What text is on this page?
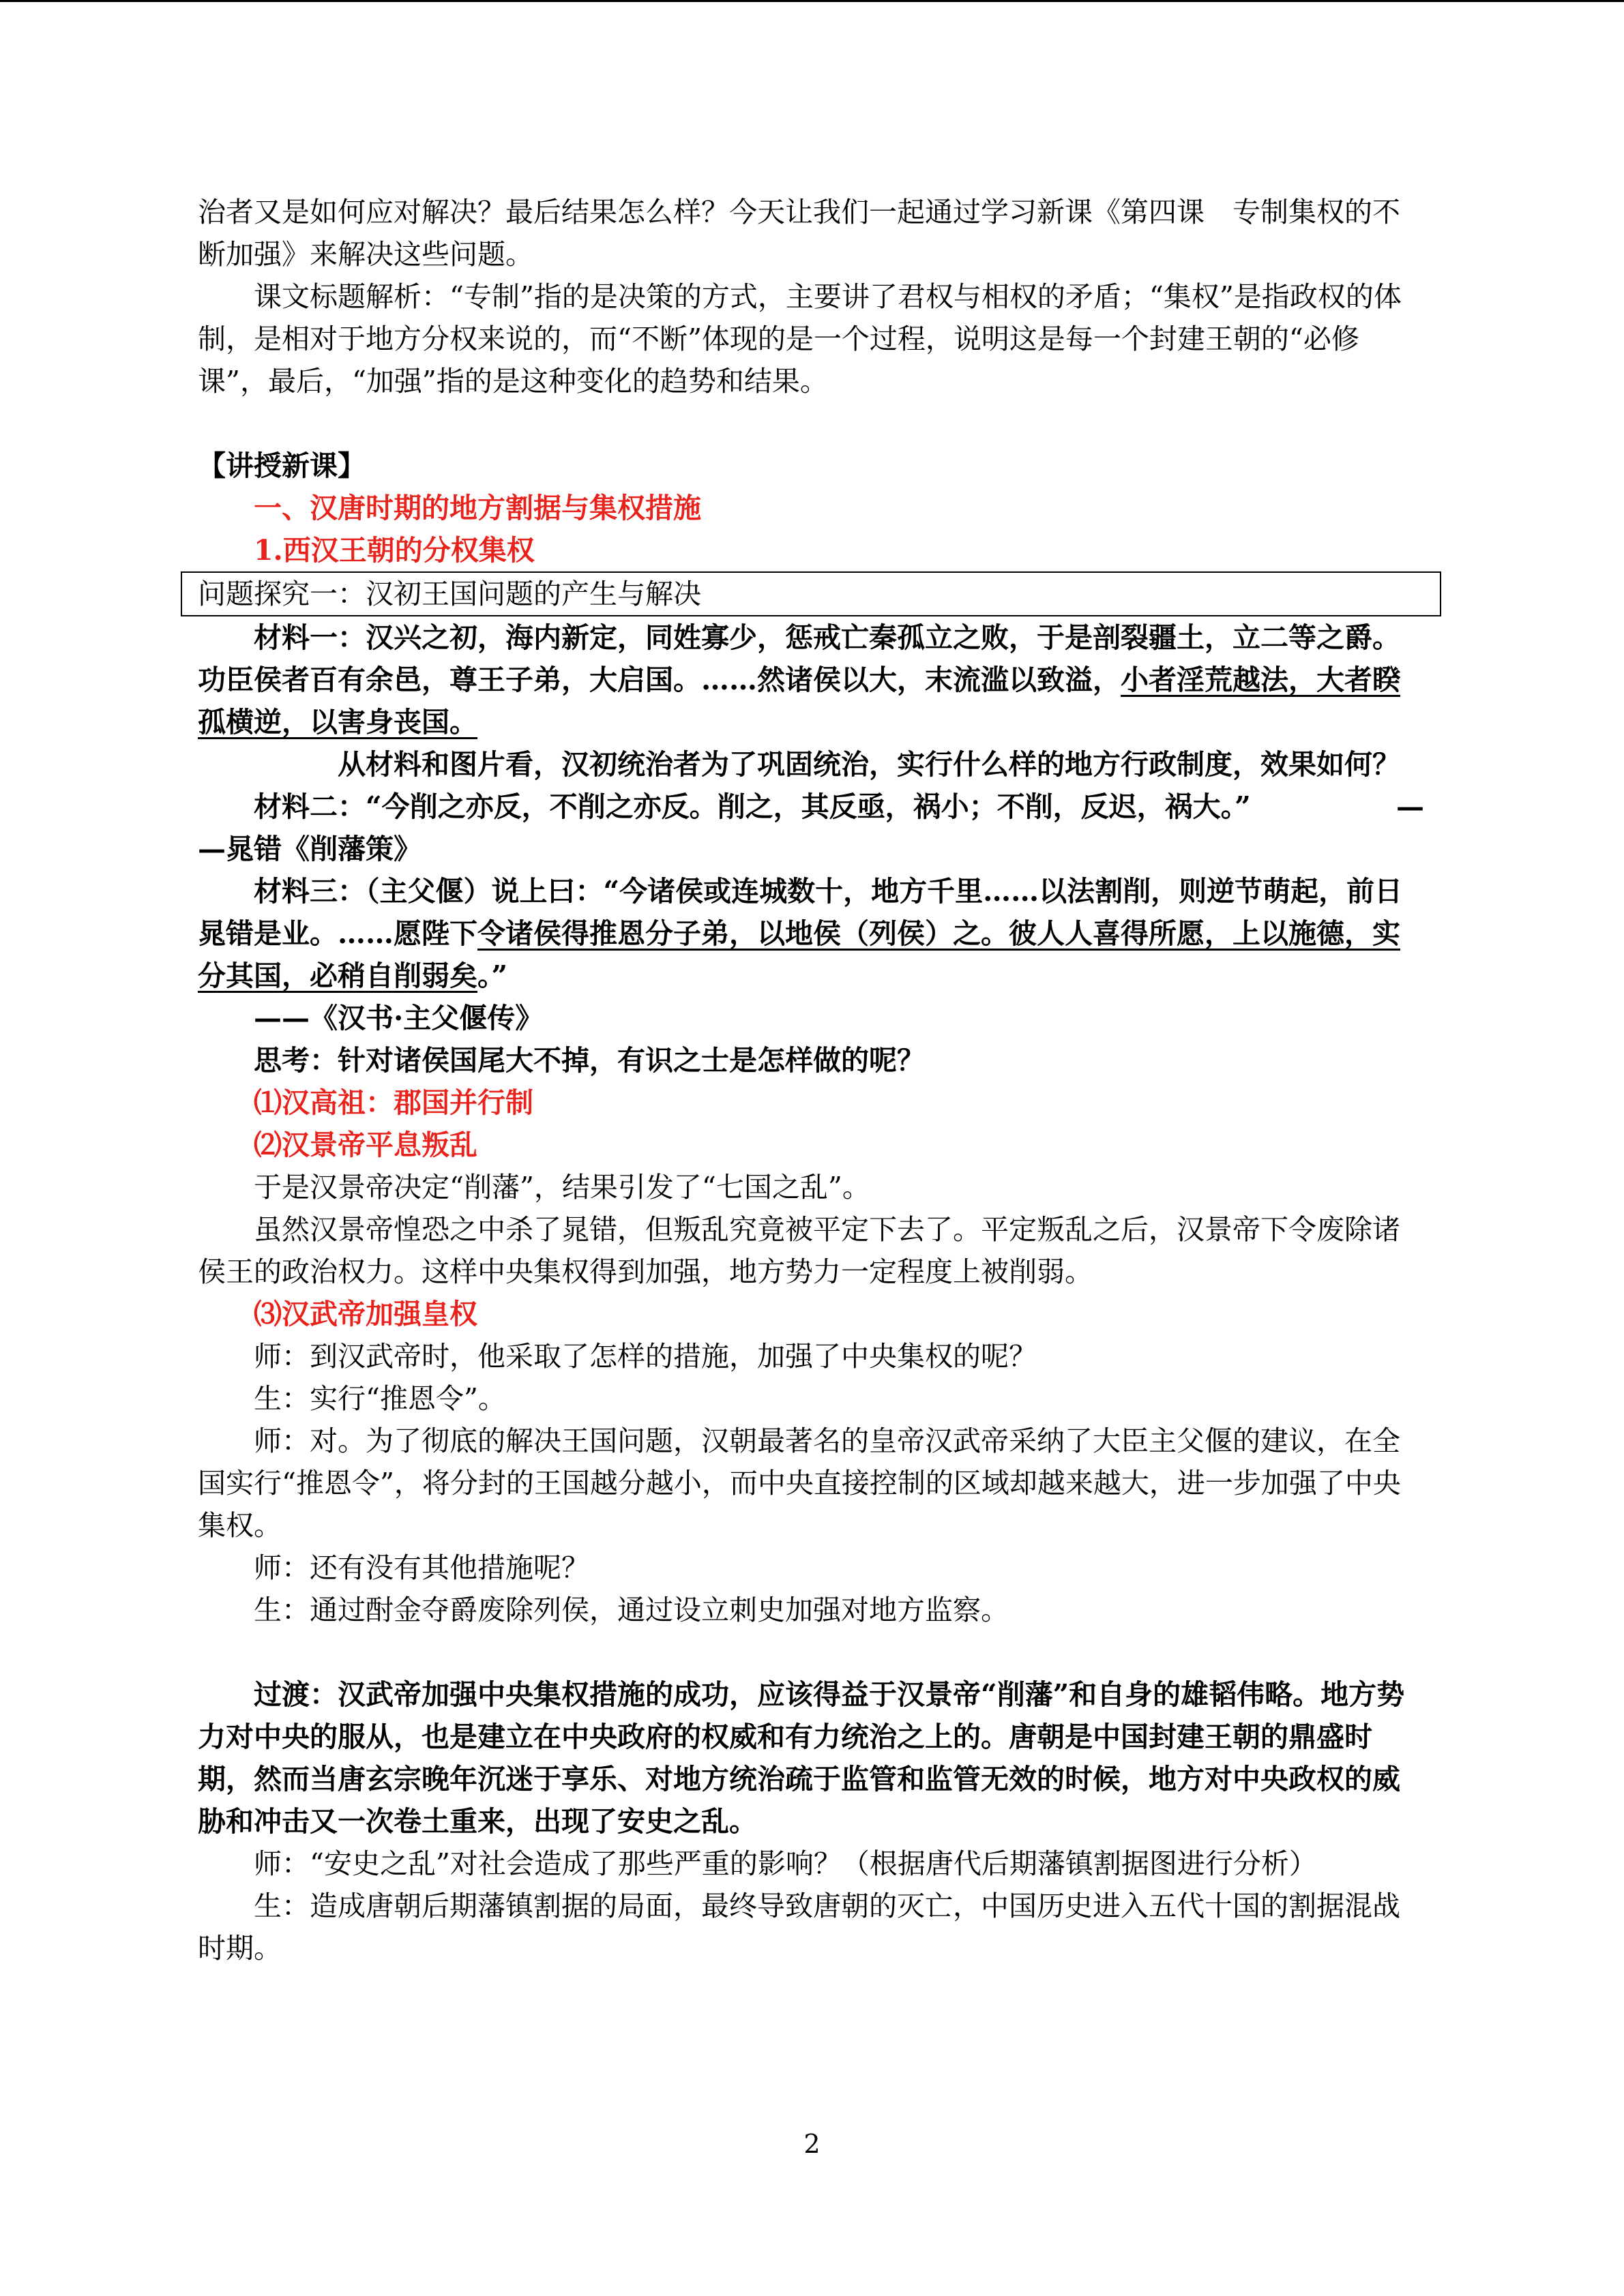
治者又是如何应对解决？最后结果怎么样？今天让我们一起通过学习新课《第四课　专制集权的不断加强》来解决这些问题。

课文标题解析：“专制”指的是决策的方式，主要讲了君权与相权的矛盾；“集权”是指政权的体制，是相对于地方分权来说的，而“不断”体现的是一个过程，说明这是每一个封建王朝的“必修课”，最后，“加强”指的是这种变化的趋势和结果。

【讲授新课】

一、汉唐时期的地方割据与集权措施

1.西汉王朝的分权集权

问题探究一：汉初王国问题的产生与解决

材料一：汉兴之初，海内新定，同姓寡少，惩戒亡秦孤立之败，于是剖裂疆土，立二等之爵。功臣侯者百有余邑，尊王子弟，大启国。……然诸侯以大，末流滥以致溢，小者淫荒越法，大者睽孤横逆，以害身丧国。

从材料和图片看，汉初统治者为了巩固统治，实行什么样的地方行政制度，效果如何？

材料二：“今削之亦反，不削之亦反。削之，其反亟，祸小；不削，反迟，祸大。”	—

—晁错《削藩策》

材料三：（主父偃）说上曰：“今诸侯或连城数十，地方千里……以法割削，则逆节萌起，前日晁错是业。……愿陛下令诸侯得推恩分子弟，以地侯（列侯）之。彼人人喜得所愿，上以施德，实分其国，必稍自削弱矣。”

——《汉书·主父偃传》

思考：针对诸侯国尾大不掉，有识之士是怎样做的呢？

⑴汉高祖：郡国并行制

⑵汉景帝平息叛乱

于是汉景帝决定“削藩”，结果引发了“七国之乱”。

虽然汉景帝惶恐之中杀了晁错，但叛乱究竟被平定下去了。平定叛乱之后，汉景帝下令废除诸侯王的政治权力。这样中央集权得到加强，地方势力一定程度上被削弱。

⑶汉武帝加强皇权

师：到汉武帝时，他采取了怎样的措施，加强了中央集权的呢？

生：实行“推恩令”。

师：对。为了彻底的解决王国问题，汉朝最著名的皇帝汉武帝采纳了大臣主父偃的建议，在全国实行“推恩令”，将分封的王国越分越小，而中央直接控制的区域却越来越大，进一步加强了中央集权。

师：还有没有其他措施呢？

生：通过酎金夺爵废除列侯，通过设立刺史加强对地方监察。

过渡：汉武帝加强中央集权措施的成功，应该得益于汉景帝“削藩”和自身的雄韬伟略。地方势力对中央的服从，也是建立在中央政府的权威和有力统治之上的。唐朝是中国封建王朝的鼎盛时期，然而当唐玄宗晚年沉迷于享乐、对地方统治疏于监管和监管无效的时候，地方对中央政权的威胁和冲击又一次卷土重来，出现了安史之乱。

师：“安史之乱”对社会造成了那些严重的影响？（根据唐代后期藩镇割据图进行分析）

生：造成唐朝后期藩镇割据的局面，最终导致唐朝的灭亡，中国历史进入五代十国的割据混战时期。

2
